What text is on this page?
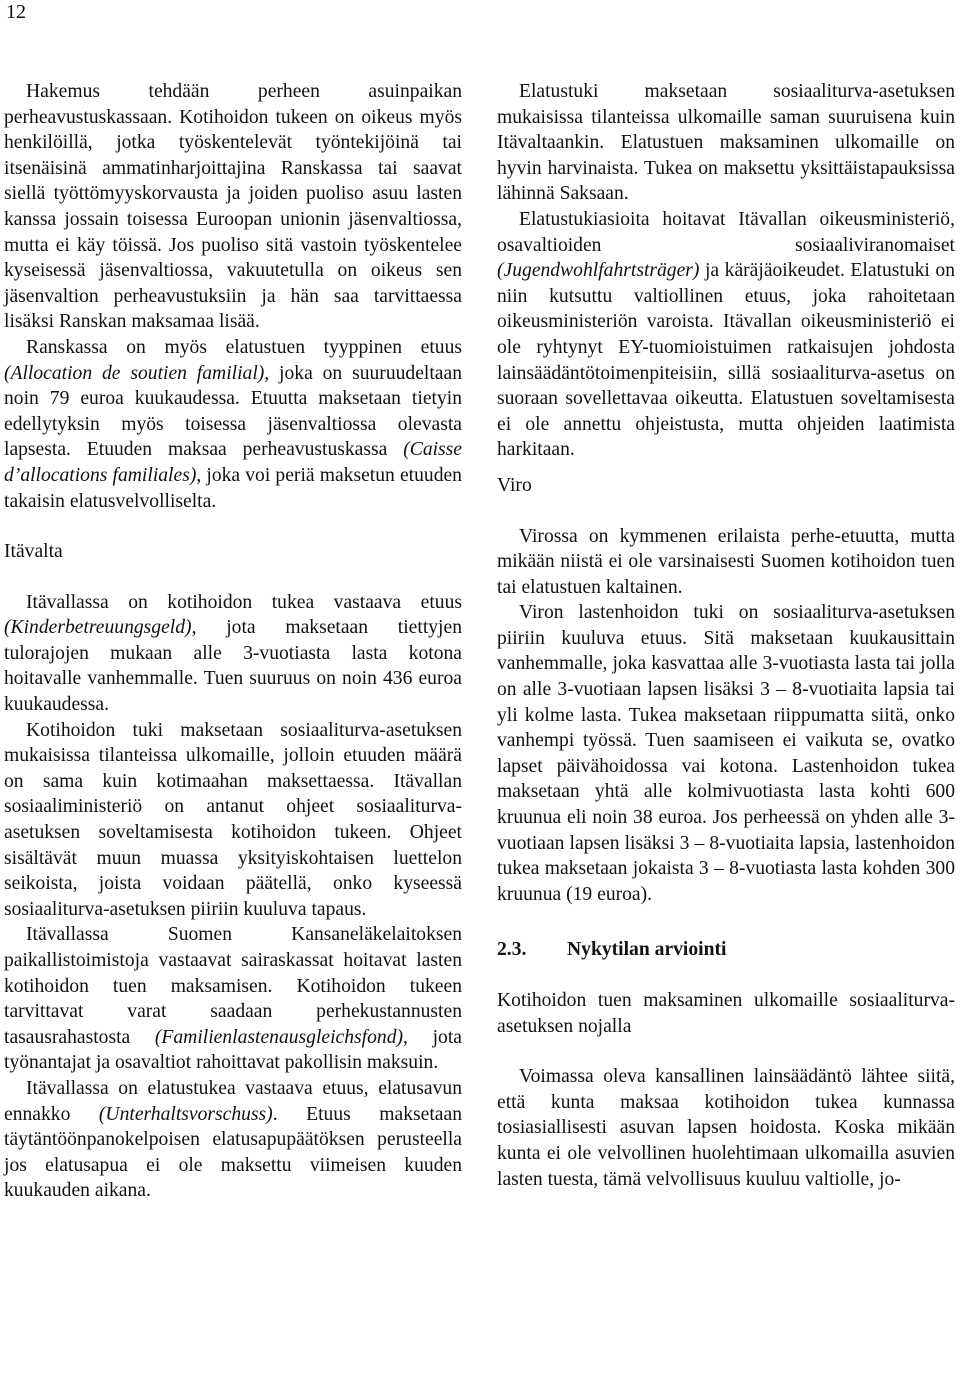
12

Hakemus tehdään perheen asuinpaikan perheavustuskassaan. Kotihoidon tukeen on oikeus myös henkilöillä, jotka työskentelevät työntekijöinä tai itsenäisinä ammatinharjoittajina Ranskassa tai saavat siellä työttömyyskorvausta ja joiden puoliso asuu lasten kanssa jossain toisessa Euroopan unionin jäsenvaltiossa, mutta ei käy töissä. Jos puoliso sitä vastoin työskentelee kyseisessä jäsenvaltiossa, vakuutetulla on oikeus sen jäsenvaltion perheavustuksiin ja hän saa tarvittaessa lisäksi Ranskan maksamaa lisää.

Ranskassa on myös elatustuen tyyppinen etuus (Allocation de soutien familial), joka on suuruudeltaan noin 79 euroa kuukaudessa. Etuutta maksetaan tietyin edellytyksin myös toisessa jäsenvaltiossa olevasta lapsesta. Etuuden maksaa perheavustuskassa (Caisse d’allocations familiales), joka voi periä maksetun etuuden takaisin elatusvelvolliselta.

Itävalta

Itävallassa on kotihoidon tukea vastaava etuus (Kinderbetreuungsgeld), jota maksetaan tiettyjen tulorajojen mukaan alle 3-vuotiasta lasta kotona hoitavalle vanhemmalle. Tuen suuruus on noin 436 euroa kuukaudessa.

Kotihoidon tuki maksetaan sosiaaliturva-asetuksen mukaisissa tilanteissa ulkomaille, jolloin etuuden määrä on sama kuin kotimaahan maksettaessa. Itävallan sosiaaliministeriö on antanut ohjeet sosiaaliturva-asetuksen soveltamisesta kotihoidon tukeen. Ohjeet sisältävät muun muassa yksityiskohtaisen luettelon seikoista, joista voidaan päätellä, onko kyseessä sosiaaliturva-asetuksen piiriin kuuluva tapaus.

Itävallassa Suomen Kansaneläkelaitoksen paikallistoimistoja vastaavat sairaskassat hoitavat lasten kotihoidon tuen maksamisen. Kotihoidon tukeen tarvittavat varat saadaan perhekustannusten tasausrahastosta (Familienlastenausgleichsfond), jota työnantajat ja osavaltiot rahoittavat pakollisin maksuin.

Itävallassa on elatustukea vastaava etuus, elatusavun ennakko (Unterhaltsvorschuss). Etuus maksetaan täytäntöönpanokelpoisen elatusapupäätöksen perusteella jos elatusapua ei ole maksettu viimeisen kuuden kuukauden aikana.

Elatustuki maksetaan sosiaaliturva-asetuksen mukaisissa tilanteissa ulkomaille saman suuruisena kuin Itävaltaankin. Elatustuen maksaminen ulkomaille on hyvin harvinaista. Tukea on maksettu yksittäistapauksissa lähinnä Saksaan.

Elatustukiasioita hoitavat Itävallan oikeusministeriö, osavaltioiden sosiaaliviranomaiset (Jugendwohlfahrtsträger) ja käräjäoikeudet. Elatustuki on niin kutsuttu valtiollinen etuus, joka rahoitetaan oikeusministeriön varoista. Itävallan oikeusministeriö ei ole ryhtynyt EY-tuomioistuimen ratkaisujen johdosta lainsäädäntötoimenpiteisiin, sillä sosiaaliturva-asetus on suoraan sovellettavaa oikeutta. Elatustuen soveltamisesta ei ole annettu ohjeistusta, mutta ohjeiden laatimista harkitaan.

Viro

Virossa on kymmenen erilaista perhe-etuutta, mutta mikään niistä ei ole varsinaisesti Suomen kotihoidon tuen tai elatustuen kaltainen.

Viron lastenhoidon tuki on sosiaaliturva-asetuksen piiriin kuuluva etuus. Sitä maksetaan kuukausittain vanhemmalle, joka kasvattaa alle 3-vuotiasta lasta tai jolla on alle 3-vuotiaan lapsen lisäksi 3 – 8-vuotiaita lapsia tai yli kolme lasta. Tukea maksetaan riippumatta siitä, onko vanhempi työssä. Tuen saamiseen ei vaikuta se, ovatko lapset päivähoidossa vai kotona. Lastenhoidon tukea maksetaan yhtä alle kolmivuotiasta lasta kohti 600 kruunua eli noin 38 euroa. Jos perheessä on yhden alle 3-vuotiaan lapsen lisäksi 3 – 8-vuotiaita lapsia, lastenhoidon tukea maksetaan jokaista 3 – 8-vuotiasta lasta kohden 300 kruunua (19 euroa).

2.3. Nykytilan arviointi

Kotihoidon tuen maksaminen ulkomaille sosiaaliturva-asetuksen nojalla

Voimassa oleva kansallinen lainsäädäntö lähtee siitä, että kunta maksaa kotihoidon tukea kunnassa tosiasiallisesti asuvan lapsen hoidosta. Koska mikään kunta ei ole velvollinen huolehtimaan ulkomailla asuvien lasten tuesta, tämä velvollisuus kuuluu valtiolle, jo-
